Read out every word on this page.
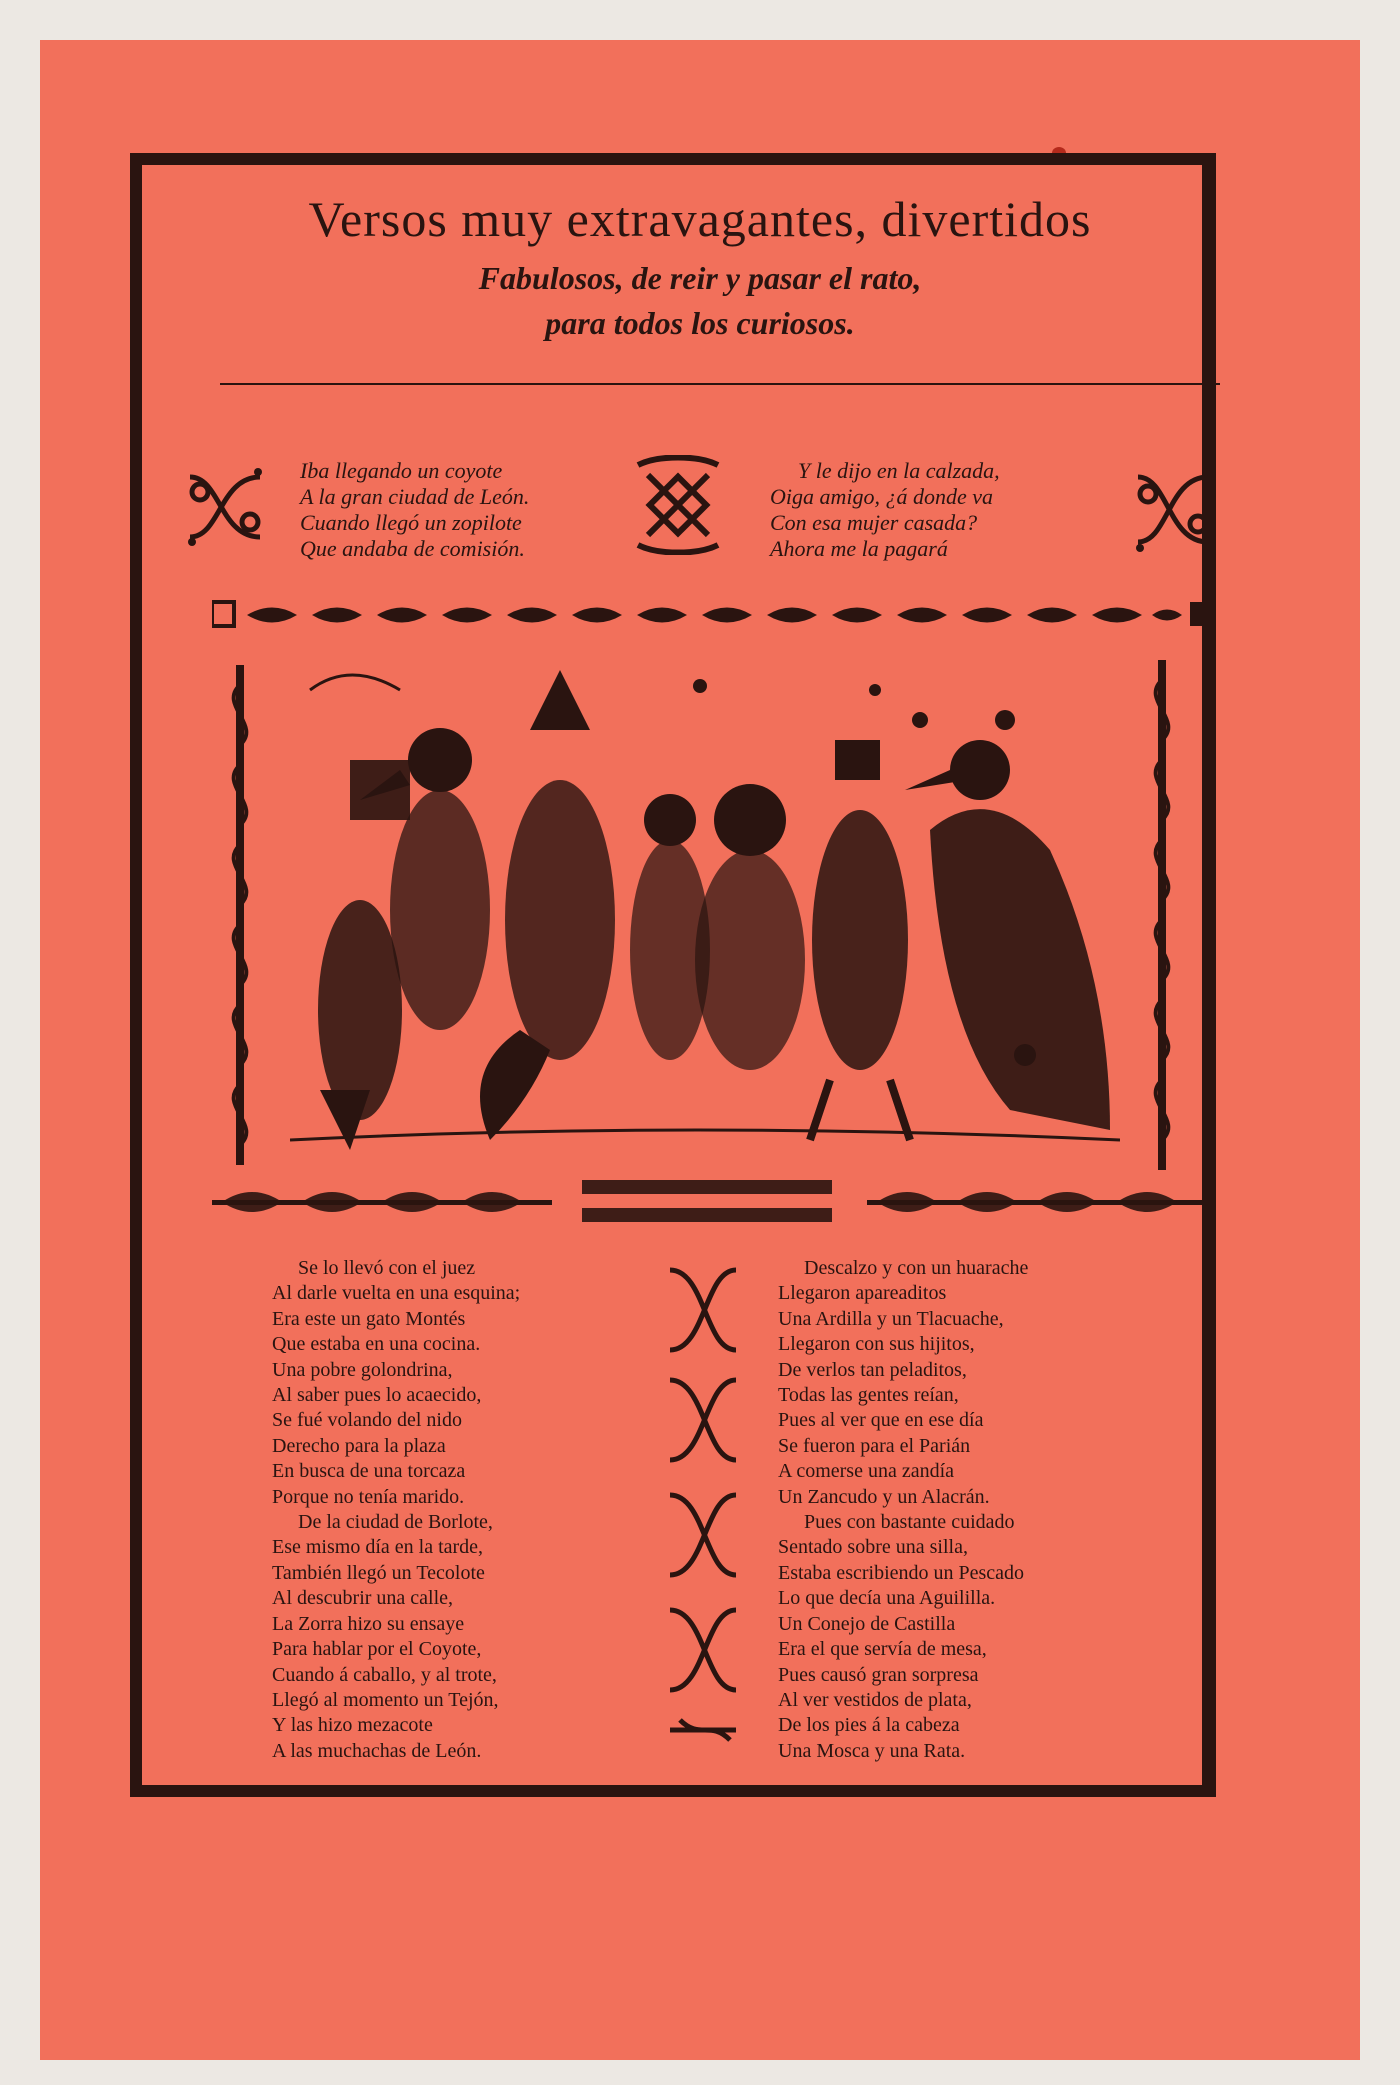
Versos muy extravagantes, divertidos
Fabulosos, de reir y pasar el rato,
para todos los curiosos.
Iba llegando un coyote
A la gran ciudad de León.
Cuando llegó un zopilote
Que andaba de comisión.
Y le dijo en la calzada,
Oiga amigo, ¿á donde va
Con esa mujer casada?
Ahora me la pagará
Se lo llevó con el juez
Al darle vuelta en una esquina;
Era este un gato Montés
Que estaba en una cocina.
Una pobre golondrina,
Al saber pues lo acaecido,
Se fué volando del nido
Derecho para la plaza
En busca de una torcaza
Porque no tenía marido.
De la ciudad de Borlote,
Ese mismo día en la tarde,
También llegó un Tecolote
Al descubrir una calle,
La Zorra hizo su ensaye
Para hablar por el Coyote,
Cuando á caballo, y al trote,
Llegó al momento un Tejón,
Y las hizo mezacote
A las muchachas de León.
Descalzo y con un huarache
Llegaron apareaditos
Una Ardilla y un Tlacuache,
Llegaron con sus hijitos,
De verlos tan peladitos,
Todas las gentes reían,
Pues al ver que en ese día
Se fueron para el Parián
A comerse una zandía
Un Zancudo y un Alacrán.
Pues con bastante cuidado
Sentado sobre una silla,
Estaba escribiendo un Pescado
Lo que decía una Aguililla.
Un Conejo de Castilla
Era el que servía de mesa,
Pues causó gran sorpresa
Al ver vestidos de plata,
De los pies á la cabeza
Una Mosca y una Rata.
